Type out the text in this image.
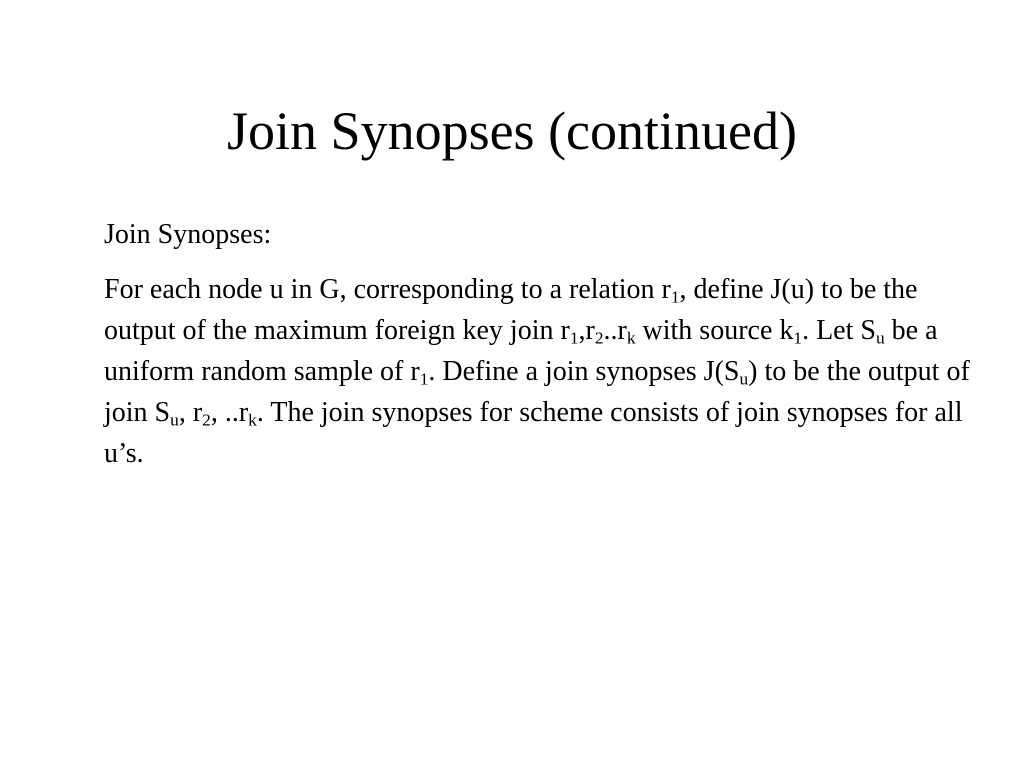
Join Synopses (continued)

Join Synopses:

For each node u in G, corresponding to a relation $r_1$, define J(u) to be the output of the maximum foreign key join $r_1,r_2..r_k$ with source $k_1$. Let $S_u$ be a uniform random sample of $r_1$. Define a join synopses $J(S_u)$ to be the output of join $S_u$, $r_2$, $..r_k$. The join synopses for scheme consists of join synopses for all u’s.
